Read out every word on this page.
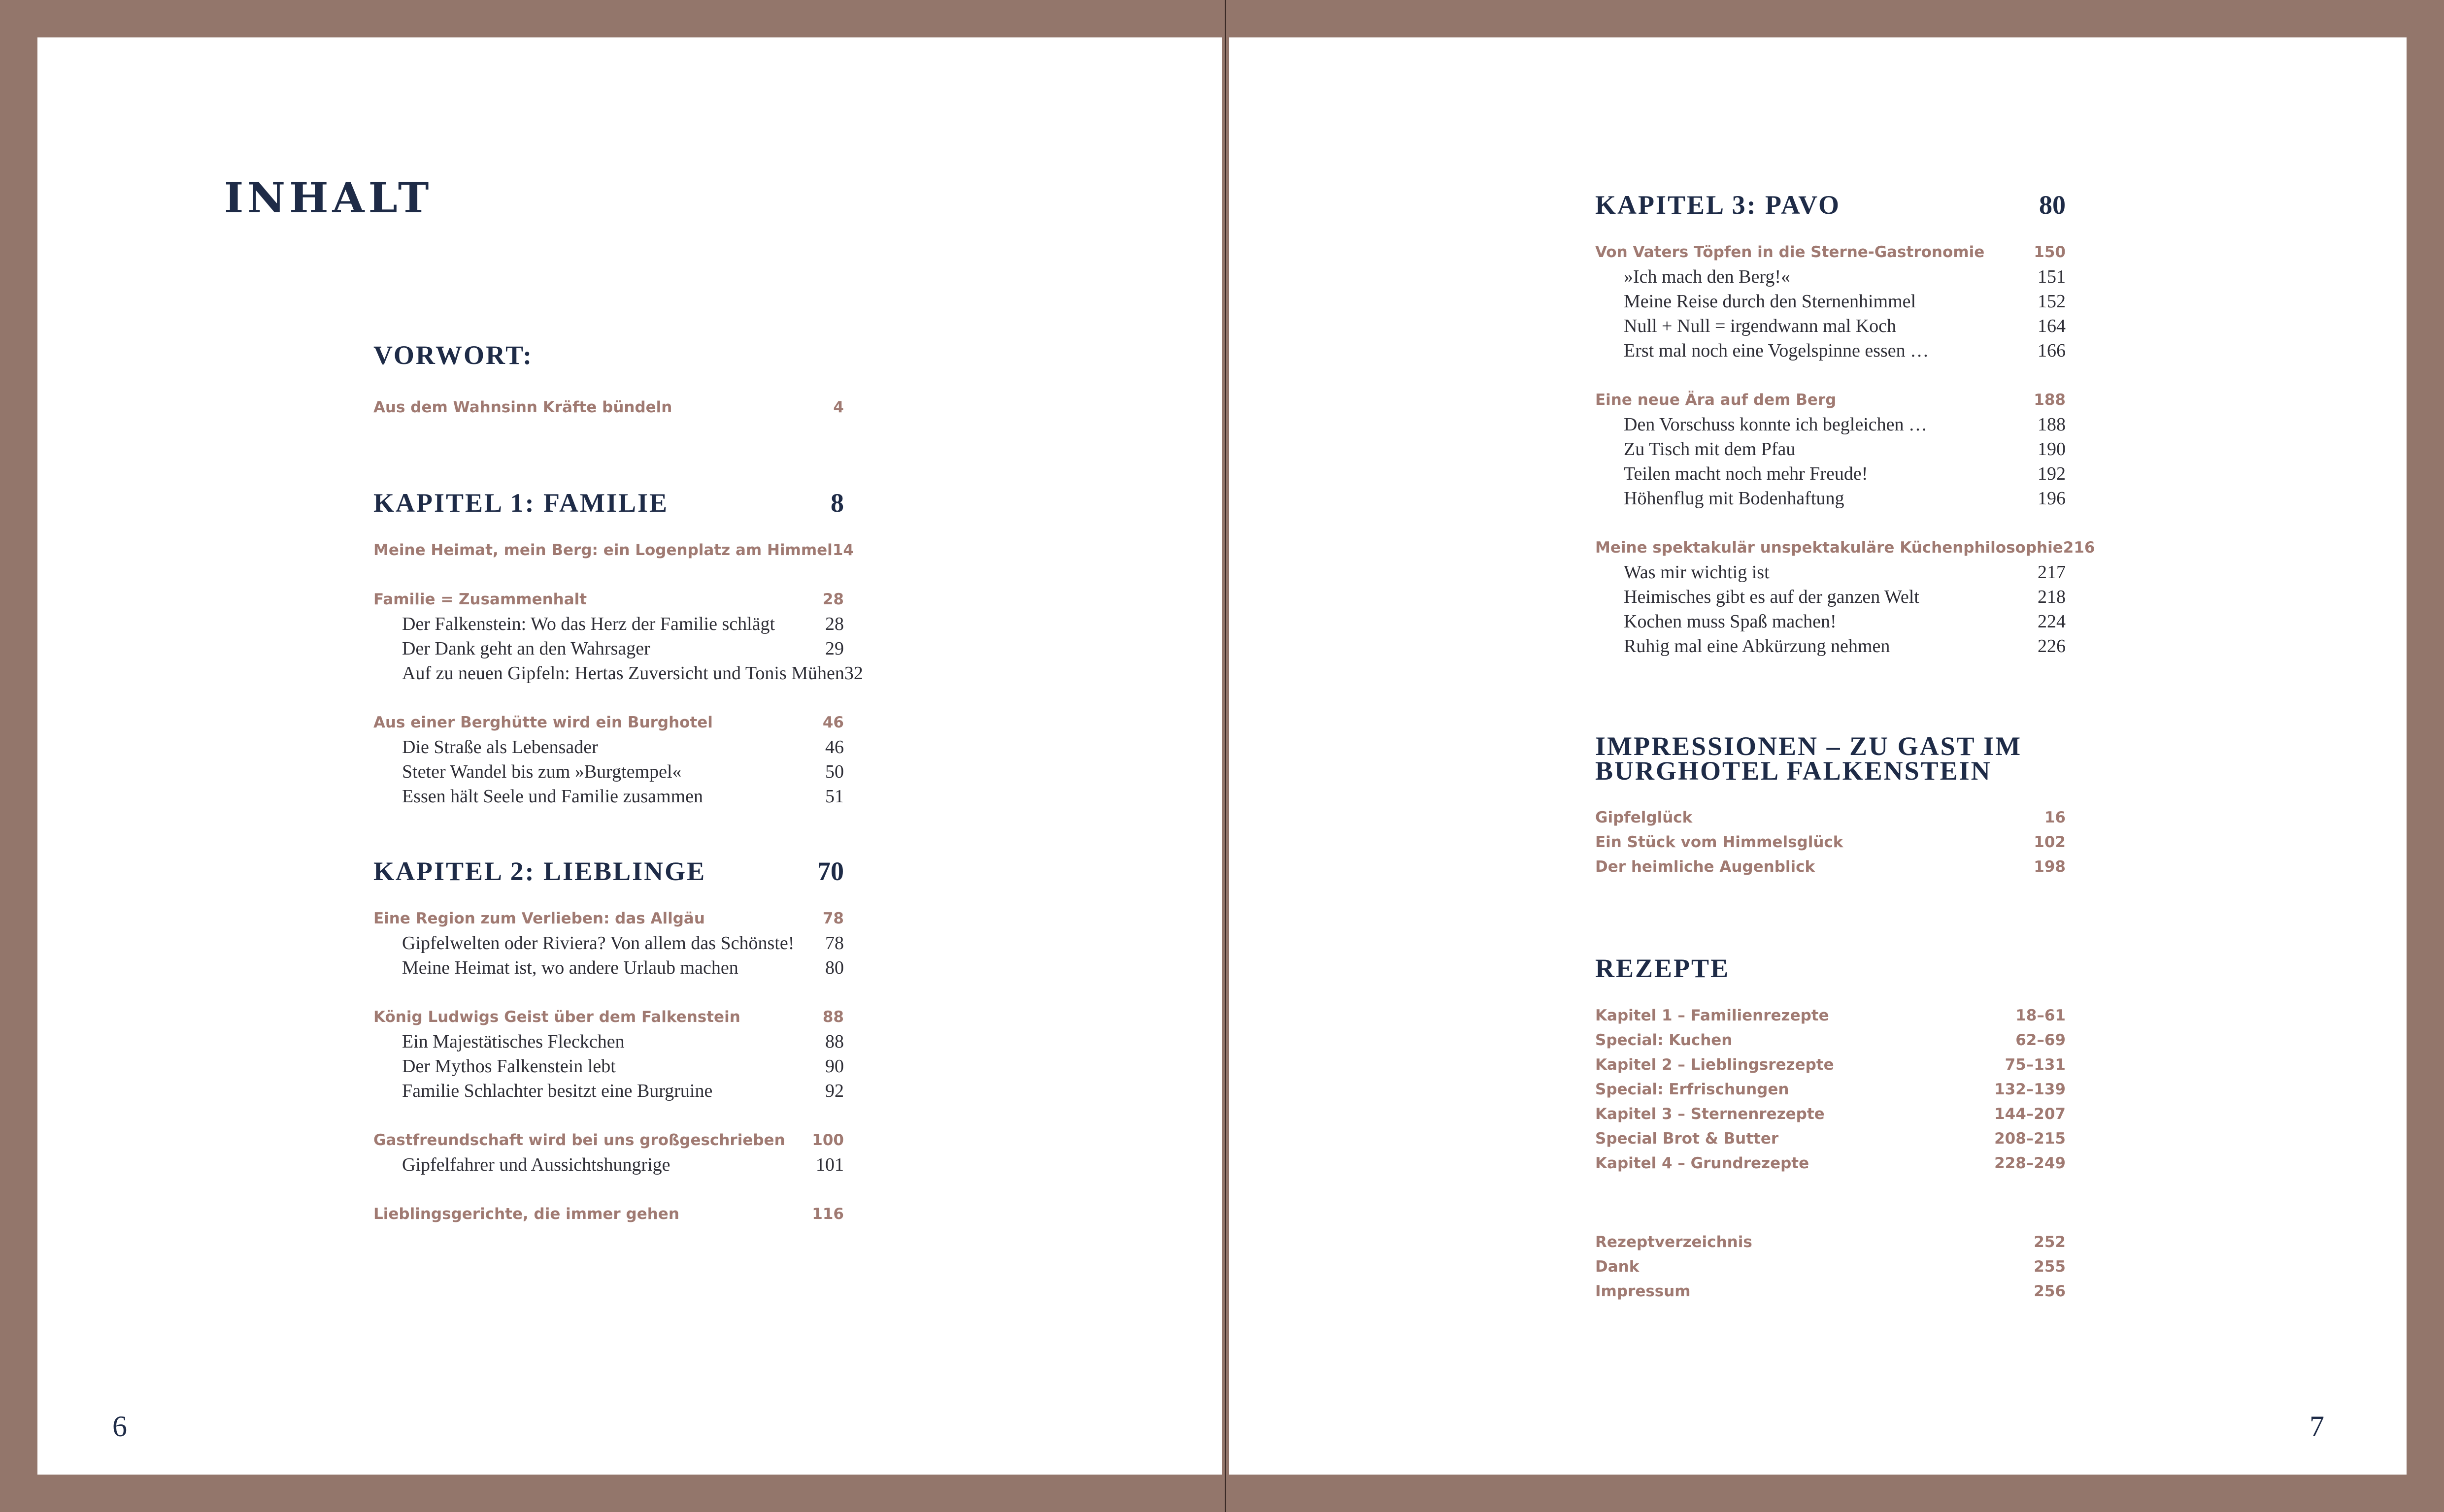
INHALT
VORWORT:
Aus dem Wahnsinn Kräfte bündeln	4
KAPITEL 1: FAMILIE	8
Meine Heimat, mein Berg: ein Logenplatz am Himmel 14
Familie = Zusammenhalt	28
Der Falkenstein: Wo das Herz der Familie schlägt	28
Der Dank geht an den Wahrsager	29
Auf zu neuen Gipfeln: Hertas Zuversicht und Tonis Mühen 32
Aus einer Berghütte wird ein Burghotel	46
Die Straße als Lebensader	46
Steter Wandel bis zum »Burgtempel«	50
Essen hält Seele und Familie zusammen	51
KAPITEL 2: LIEBLINGE	70
Eine Region zum Verlieben: das Allgäu	78
Gipfelwelten oder Riviera? Von allem das Schönste! 78
Meine Heimat ist, wo andere Urlaub machen	80
König Ludwigs Geist über dem Falkenstein	88
Ein Majestätisches Fleckchen	88
Der Mythos Falkenstein lebt	90
Familie Schlachter besitzt eine Burgruine	92
Gastfreundschaft wird bei uns großgeschrieben 100
Gipfelfahrer und Aussichtshungrige	101
Lieblingsgerichte, die immer gehen	116
6
KAPITEL 3: PAVO	80
Von Vaters Töpfen in die Sterne-Gastronomie	150
»Ich mach den Berg!«	151
Meine Reise durch den Sternenhimmel	152
Null + Null = irgendwann mal Koch	164
Erst mal noch eine Vogelspinne essen …	166
Eine neue Ära auf dem Berg	188
Den Vorschuss konnte ich begleichen …	188
Zu Tisch mit dem Pfau	190
Teilen macht noch mehr Freude!	192
Höhenflug mit Bodenhaftung	196
Meine spektakulär unspektakuläre Küchenphilosophie 216
Was mir wichtig ist	217
Heimisches gibt es auf der ganzen Welt	218
Kochen muss Spaß machen!	224
Ruhig mal eine Abkürzung nehmen	226
IMPRESSIONEN – ZU GAST IM
BURGHOTEL FALKENSTEIN
Gipfelglück	16
Ein Stück vom Himmelsglück	102
Der heimliche Augenblick	198
REZEPTE
Kapitel 1 – Familienrezepte	18–61
Special: Kuchen	62–69
Kapitel 2 – Lieblingsrezepte	75–131
Special: Erfrischungen	132–139
Kapitel 3 – Sternenrezepte	144–207
Special Brot & Butter	208–215
Kapitel 4 – Grundrezepte	228–249
Rezeptverzeichnis	252
Dank	255
Impressum	256
7
